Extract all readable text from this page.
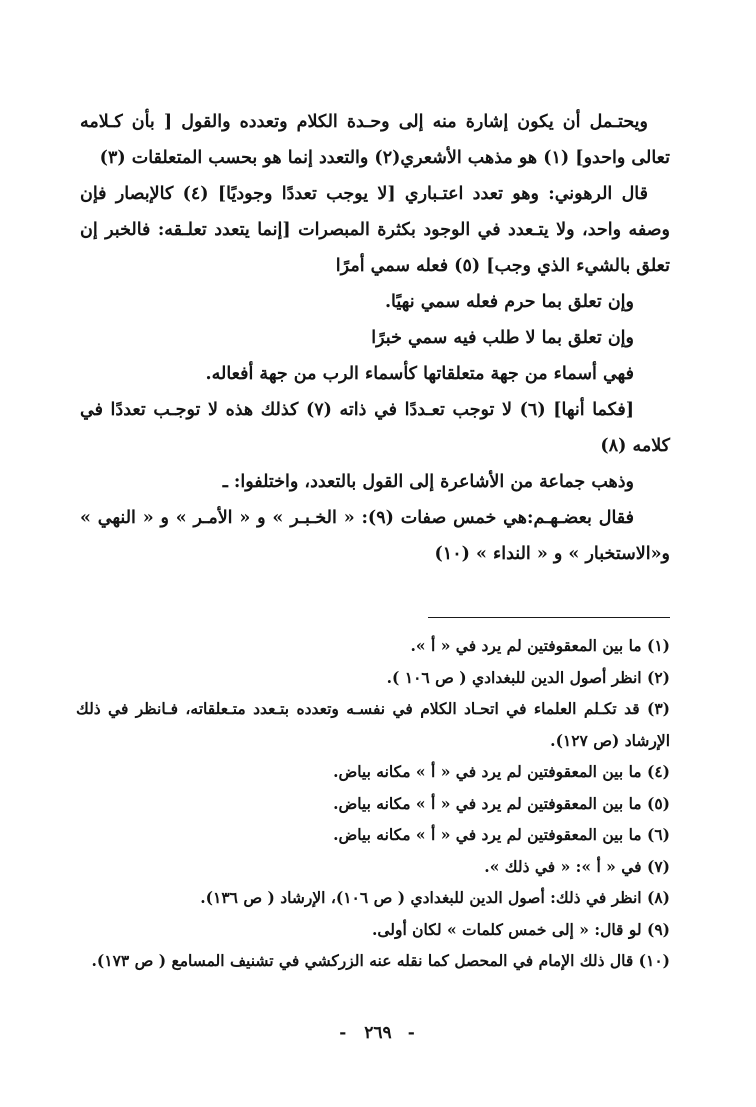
ويحتـمل أن يكون إشارة منه إلى وحـدة الكلام وتعدده والقول [ بأن كـلامه تعالى واحدو] (١) هو مذهب الأشعري(٢) والتعدد إنما هو بحسب المتعلقات (٣)

قال الرهوني: وهو تعدد اعتـباري [لا يوجب تعددًا وجوديًا] (٤) كالإبصار فإن وصفه واحد، ولا يتـعدد في الوجود بكثرة المبصرات [إنما يتعدد تعلـقه: فالخبر إن تعلق بالشيء الذي وجب] (٥) فعله سمي أمرًا

وإن تعلق بما حرم فعله سمي نهيًا.

وإن تعلق بما لا طلب فيه سمي خبرًا

فهي أسماء من جهة متعلقاتها كأسماء الرب من جهة أفعاله.

[فكما أنها] (٦) لا توجب تعـددًا في ذاته (٧) كذلك هذه لا توجـب تعددًا في كلامه (٨)

وذهب جماعة من الأشاعرة إلى القول بالتعدد، واختلفوا: ـ

فقال بعضـهـم:هي خمس صفات (٩): « الخـبـر » و « الأمـر » و « النهي » و«الاستخبار » و « النداء » (١٠)

(١) ما بين المعقوفتين لم يرد في « أ ».

(٢) انظر أصول الدين للبغدادي ( ص ١٠٦ ).

(٣) قد تكـلم العلماء في اتحـاد الكلام في نفسـه وتعدده بتـعدد متـعلقاته، فـانظر في ذلك الإرشاد (ص ١٢٧).

(٤) ما بين المعقوفتين لم يرد في « أ » مكانه بياض.

(٥) ما بين المعقوفتين لم يرد في « أ » مكانه بياض.

(٦) ما بين المعقوفتين لم يرد في « أ » مكانه بياض.

(٧) في « أ »: « في ذلك ».

(٨) انظر في ذلك: أصول الدين للبغدادي ( ص ١٠٦)، الإرشاد ( ص ١٣٦).

(٩) لو قال: « إلى خمس كلمات » لكان أولى.

(١٠) قال ذلك الإمام في المحصل كما نقله عنه الزركشي في تشنيف المسامع ( ص ١٧٣).

-٢٦٩-
